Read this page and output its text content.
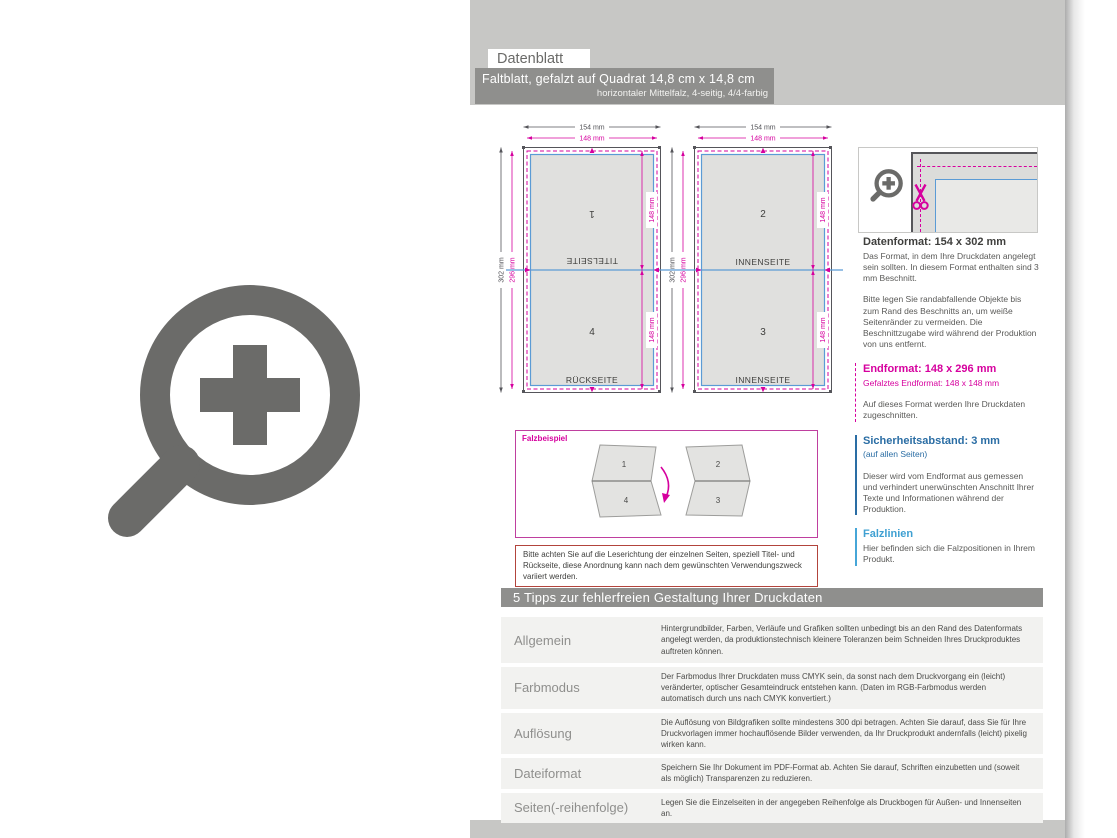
Datenblatt
Faltblatt, gefalzt auf Quadrat 14,8 cm x 14,8 cm
horizontaler Mittelfalz, 4-seitig, 4/4-farbig
154 mm
148 mm
302 mm 296 mm
148 mm
148 mm
1
TITELSEITE
4
RÜCKSEITE
154 mm
148 mm
302 mm 296 mm
148 mm
148 mm
2
INNENSEITE
3
INNENSEITE
Datenformat: 154 x 302 mm

Das Format, in dem Ihre Druckdaten angelegt sein sollten. In diesem Format enthalten sind 3 mm Beschnitt.

Bitte legen Sie randabfallende Objekte bis zum Rand des Beschnitts an, um weiße Seitenränder zu vermeiden. Die Beschnittzugabe wird während der Produktion von uns entfernt.

Endformat: 148 x 296 mm

Gefalztes Endformat: 148 x 148 mm

Auf dieses Format werden Ihre Druckdaten zugeschnitten.

Sicherheitsabstand: 3 mm

(auf allen Seiten)

Dieser wird vom Endformat aus gemessen und verhindert unerwünschten Anschnitt Ihrer Texte und Informationen während der Produktion.

Falzlinien

Hier befinden sich die Falzpositionen in Ihrem Produkt.

Falzbeispiel
1
4
2
3
Bitte achten Sie auf die Leserichtung der einzelnen Seiten, speziell Titel- und Rückseite, diese Anordnung kann nach dem gewünschten Verwendungszweck variiert werden.
5 Tipps zur fehlerfreien Gestaltung Ihrer Druckdaten
Allgemein
Hintergrundbilder, Farben, Verläufe und Grafiken sollten unbedingt bis an den Rand des Datenformats angelegt werden, da produktionstechnisch kleinere Toleranzen beim Schneiden Ihres Druckproduktes auftreten können.
Farbmodus
Der Farbmodus Ihrer Druckdaten muss CMYK sein, da sonst nach dem Druckvorgang ein (leicht) veränderter, optischer Gesamteindruck entstehen kann. (Daten im RGB-Farbmodus werden automatisch durch uns nach CMYK konvertiert.)
Auflösung
Die Auflösung von Bildgrafiken sollte mindestens 300 dpi betragen. Achten Sie darauf, dass Sie für Ihre Druckvorlagen immer hochauflösende Bilder verwenden, da Ihr Druckprodukt andernfalls (leicht) pixelig wirken kann.
Dateiformat	Speichern Sie Ihr Dokument im PDF-Format ab. Achten Sie darauf, Schriften einzubetten und (soweit als möglich) Transparenzen zu reduzieren.
Seiten(-reihenfolge)	Legen Sie die Einzelseiten in der angegeben Reihenfolge als Druckbogen für Außen- und Innenseiten an.
